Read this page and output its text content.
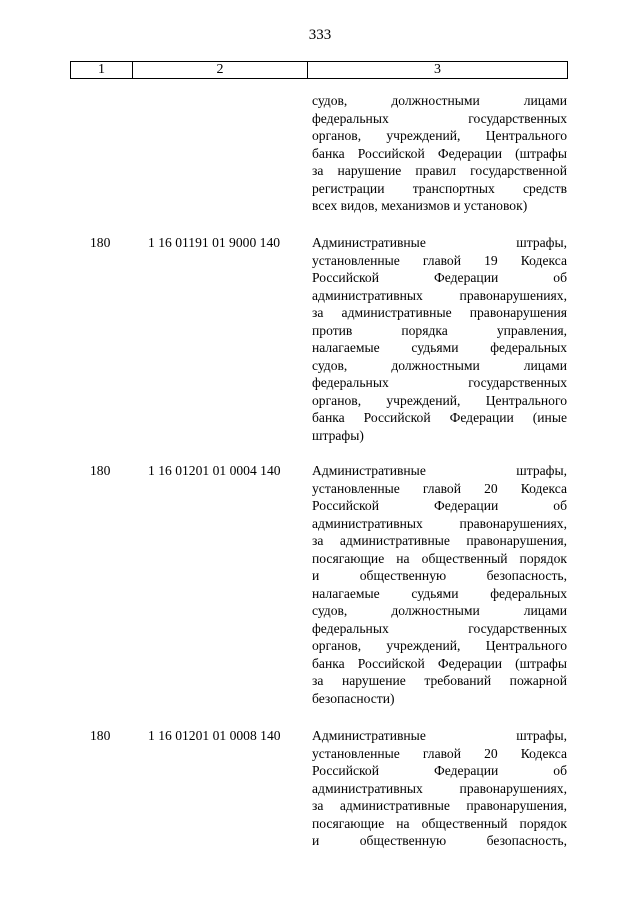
333
1	2	3
судов, должностными лицами
федеральных государственных
органов, учреждений, Центрального
банка Российской Федерации (штрафы
за нарушение правил государственной
регистрации транспортных средств
всех видов, механизмов и установок)
180	1 16 01191 01 9000 140	Административные штрафы,
установленные главой 19 Кодекса
Российской Федерации об
административных правонарушениях,
за административные правонарушения
против порядка управления,
налагаемые судьями федеральных
судов, должностными лицами
федеральных государственных
органов, учреждений, Центрального
банка Российской Федерации (иные
штрафы)
180	1 16 01201 01 0004 140	Административные штрафы,
установленные главой 20 Кодекса
Российской Федерации об
административных правонарушениях,
за административные правонарушения,
посягающие на общественный порядок
и общественную безопасность,
налагаемые судьями федеральных
судов, должностными лицами
федеральных государственных
органов, учреждений, Центрального
банка Российской Федерации (штрафы
за нарушение требований пожарной
безопасности)
180	1 16 01201 01 0008 140	Административные штрафы,
установленные главой 20 Кодекса
Российской Федерации об
административных правонарушениях,
за административные правонарушения,
посягающие на общественный порядок
и общественную безопасность,
